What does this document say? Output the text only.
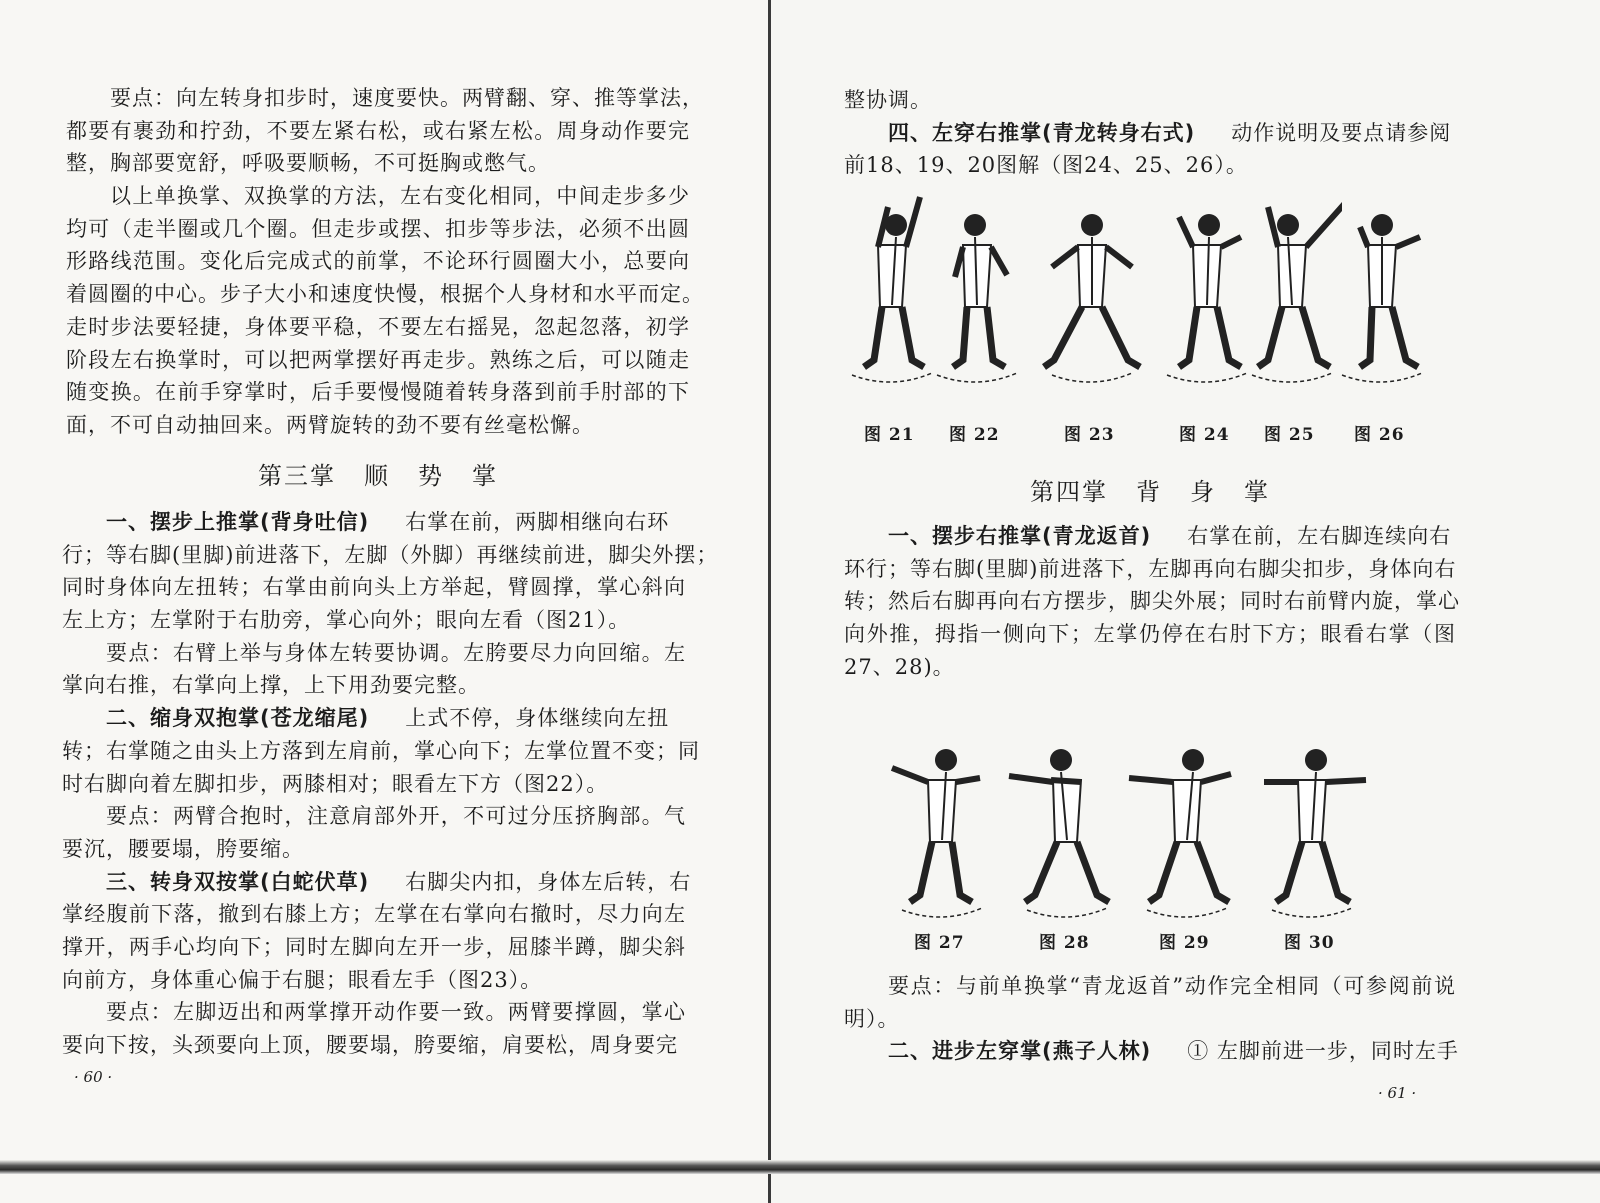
要点：向左转身扣步时，速度要快。两臂翻、穿、推等掌法，
都要有裹劲和拧劲，不要左紧右松，或右紧左松。周身动作要完
整，胸部要宽舒，呼吸要顺畅，不可挺胸或憋气。
以上单换掌、双换掌的方法，左右变化相同，中间走步多少
均可（走半圈或几个圈。但走步或摆、扣步等步法，必须不出圆
形路线范围。变化后完成式的前掌，不论环行圆圈大小，总要向
着圆圈的中心。步子大小和速度快慢，根据个人身材和水平而定。
走时步法要轻捷，身体要平稳，不要左右摇晃，忽起忽落，初学
阶段左右换掌时，可以把两掌摆好再走步。熟练之后，可以随走
随变换。在前手穿掌时，后手要慢慢随着转身落到前手肘部的下
面，不可自动抽回来。两臂旋转的劲不要有丝毫松懈。
第三掌 顺 势 掌
一、摆步上推掌(背身吐信) 右掌在前，两脚相继向右环
行；等右脚(里脚)前进落下，左脚（外脚）再继续前进，脚尖外摆；
同时身体向左扭转；右掌由前向头上方举起，臂圆撑，掌心斜向
左上方；左掌附于右肋旁，掌心向外；眼向左看（图21）。
要点：右臂上举与身体左转要协调。左胯要尽力向回缩。左
掌向右推，右掌向上撑，上下用劲要完整。
二、缩身双抱掌(苍龙缩尾) 上式不停，身体继续向左扭
转；右掌随之由头上方落到左肩前，掌心向下；左掌位置不变；同
时右脚向着左脚扣步，两膝相对；眼看左下方（图22）。
要点：两臂合抱时，注意肩部外开，不可过分压挤胸部。气
要沉，腰要塌，胯要缩。
三、转身双按掌(白蛇伏草) 右脚尖内扣，身体左后转，右
掌经腹前下落，撤到右膝上方；左掌在右掌向右撤时，尽力向左
撑开，两手心均向下；同时左脚向左开一步，屈膝半蹲，脚尖斜
向前方，身体重心偏于右腿；眼看左手（图23）。
要点：左脚迈出和两掌撑开动作要一致。两臂要撑圆，掌心
要向下按，头颈要向上顶，腰要塌，胯要缩，肩要松，周身要完
· 60 ·
整协调。
四、左穿右推掌(青龙转身右式) 动作说明及要点请参阅
前18、19、20图解（图24、25、26）。
图 21 图 22	图 23	图 24 图 25 图 26
第四掌 背 身 掌
一、摆步右推掌(青龙返首) 右掌在前，左右脚连续向右
环行；等右脚(里脚)前进落下，左脚再向右脚尖扣步，身体向右
转；然后右脚再向右方摆步，脚尖外展；同时右前臂内旋，掌心
向外推，拇指一侧向下；左掌仍停在右肘下方；眼看右掌（图
27、28)。
图 27	图 28	图 29	图 30
要点：与前单换掌“青龙返首”动作完全相同（可参阅前说
明）。
二、进步左穿掌(燕子人林) ① 左脚前进一步，同时左手
· 61 ·
